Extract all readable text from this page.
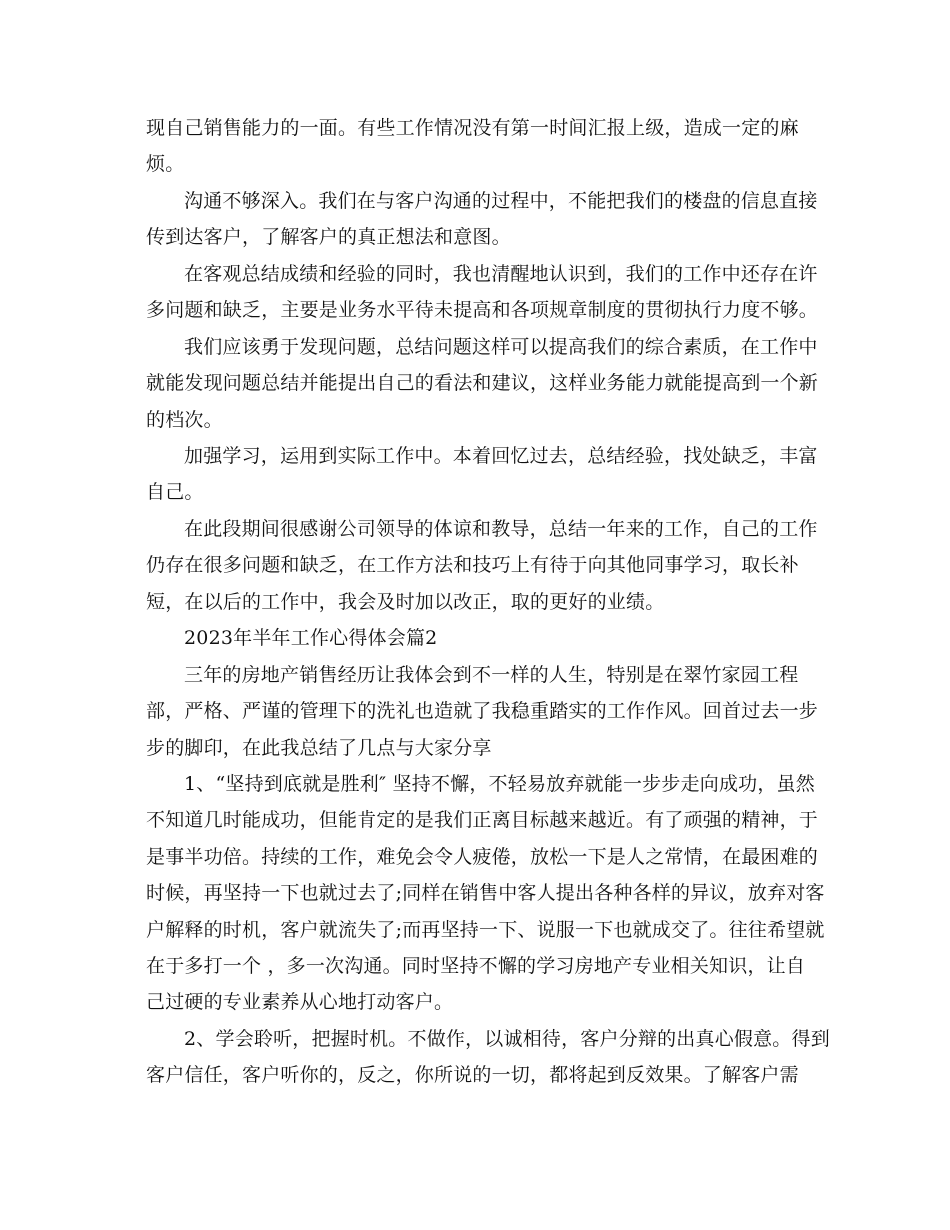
现自己销售能力的一面。有些工作情况没有第一时间汇报上级，造成一定的麻
烦。

沟通不够深入。我们在与客户沟通的过程中，不能把我们的楼盘的信息直接
传到达客户，了解客户的真正想法和意图。

在客观总结成绩和经验的同时，我也清醒地认识到，我们的工作中还存在许
多问题和缺乏，主要是业务水平待未提高和各项规章制度的贯彻执行力度不够。

我们应该勇于发现问题，总结问题这样可以提高我们的综合素质，在工作中
就能发现问题总结并能提出自己的看法和建议，这样业务能力就能提高到一个新
的档次。

加强学习，运用到实际工作中。本着回忆过去，总结经验，找处缺乏，丰富
自己。

在此段期间很感谢公司领导的体谅和教导，总结一年来的工作，自己的工作
仍存在很多问题和缺乏，在工作方法和技巧上有待于向其他同事学习，取长补
短，在以后的工作中，我会及时加以改正，取的更好的业绩。

2023年半年工作心得体会篇2

三年的房地产销售经历让我体会到不一样的人生，特别是在翠竹家园工程
部，严格、严谨的管理下的洗礼也造就了我稳重踏实的工作作风。回首过去一步
步的脚印，在此我总结了几点与大家分享

1、“坚持到底就是胜利″ 坚持不懈，不轻易放弃就能一步步走向成功，虽然
不知道几时能成功，但能肯定的是我们正离目标越来越近。有了顽强的精神，于
是事半功倍。持续的工作，难免会令人疲倦，放松一下是人之常情，在最困难的
时候，再坚持一下也就过去了;同样在销售中客人提出各种各样的异议，放弃对客
户解释的时机，客户就流失了;而再坚持一下、说服一下也就成交了。往往希望就
在于多打一个 ，多一次沟通。同时坚持不懈的学习房地产专业相关知识，让自
己过硬的专业素养从心地打动客户。

2、学会聆听，把握时机。不做作，以诚相待，客户分辩的出真心假意。得到
客户信任，客户听你的，反之，你所说的一切，都将起到反效果。了解客户需
